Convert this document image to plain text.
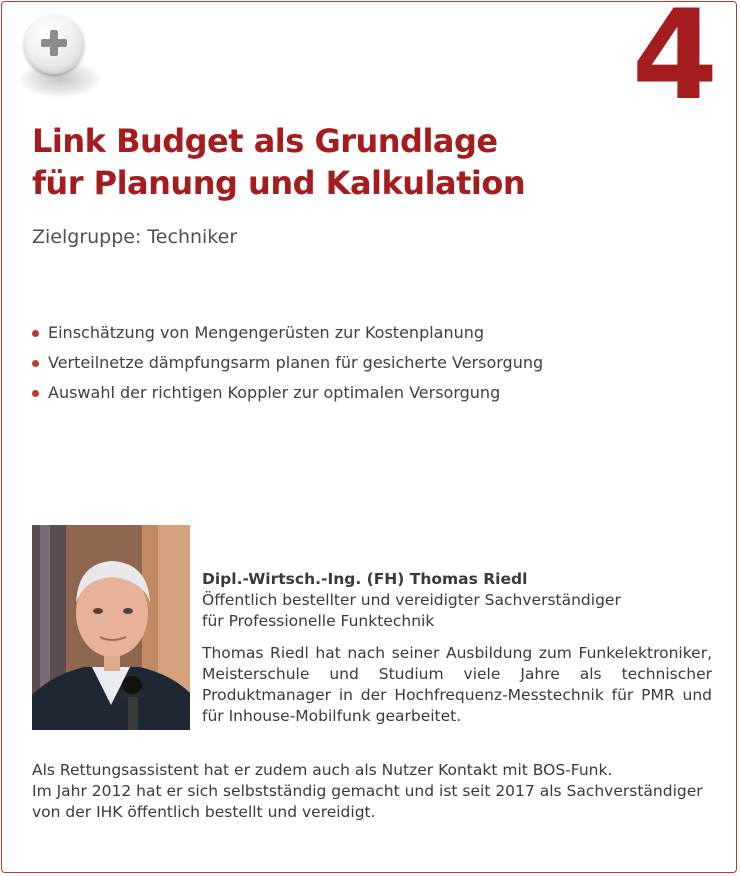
4
Link Budget als Grundlage
für Planung und Kalkulation
Zielgruppe: Techniker
Einschätzung von Mengengerüsten zur Kostenplanung
Verteilnetze dämpfungsarm planen für gesicherte Versorgung
Auswahl der richtigen Koppler zur optimalen Versorgung
Dipl.-Wirtsch.-Ing. (FH) Thomas Riedl
Öffentlich bestellter und vereidigter Sachverständiger
für Professionelle Funktechnik

Thomas Riedl hat nach seiner Ausbildung zum Funkelektroniker, Meisterschule und Studium viele Jahre als technischer Produktmanager in der Hochfrequenz-Messtechnik für PMR und für Inhouse-Mobilfunk gearbeitet.

Als Rettungsassistent hat er zudem auch als Nutzer Kontakt mit BOS-Funk.
Im Jahr 2012 hat er sich selbstständig gemacht und ist seit 2017 als Sachverständiger
von der IHK öffentlich bestellt und vereidigt.
